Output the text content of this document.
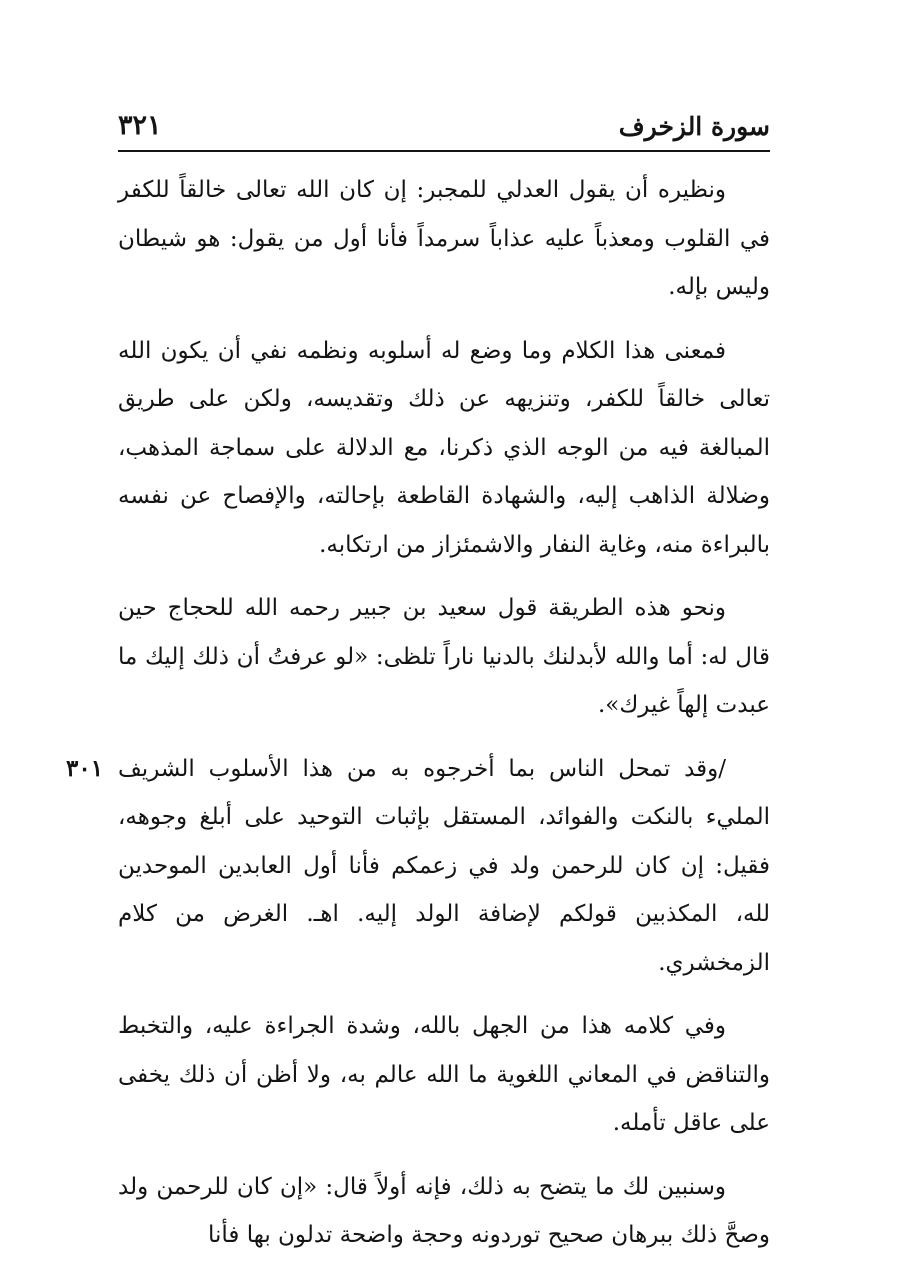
سورة الزخرف
٣٢١

ونظيره أن يقول العدلي للمجبر: إن كان الله تعالى خالقاً للكفر في القلوب ومعذباً عليه عذاباً سرمداً فأنا أول من يقول: هو شيطان وليس بإله.

فمعنى هذا الكلام وما وضع له أسلوبه ونظمه نفي أن يكون الله تعالى خالقاً للكفر، وتنزيهه عن ذلك وتقديسه، ولكن على طريق المبالغة فيه من الوجه الذي ذكرنا، مع الدلالة على سماجة المذهب، وضلالة الذاهب إليه، والشهادة القاطعة بإحالته، والإفصاح عن نفسه بالبراءة منه، وغاية النفار والاشمئزاز من ارتكابه.

ونحو هذه الطريقة قول سعيد بن جبير رحمه الله للحجاج حين قال له: أما والله لأبدلنك بالدنيا ناراً تلظى: «لو عرفتُ أن ذلك إليك ما عبدت إلهاً غيرك».

/وقد تمحل الناس بما أخرجوه به من هذا الأسلوب الشريف المليء بالنكت والفوائد، المستقل بإثبات التوحيد على أبلغ وجوهه، فقيل: إن كان للرحمن ولد في زعمكم فأنا أول العابدين الموحدين لله، المكذبين قولكم لإضافة الولد إليه. اهـ. الغرض من كلام الزمخشري.
٣٠١

وفي كلامه هذا من الجهل بالله، وشدة الجراءة عليه، والتخبط والتناقض في المعاني اللغوية ما الله عالم به، ولا أظن أن ذلك يخفى على عاقل تأمله.

وسنبين لك ما يتضح به ذلك، فإنه أولاً قال: «إن كان للرحمن ولد وصحَّ ذلك ببرهان صحيح توردونه وحجة واضحة تدلون بها فأنا
